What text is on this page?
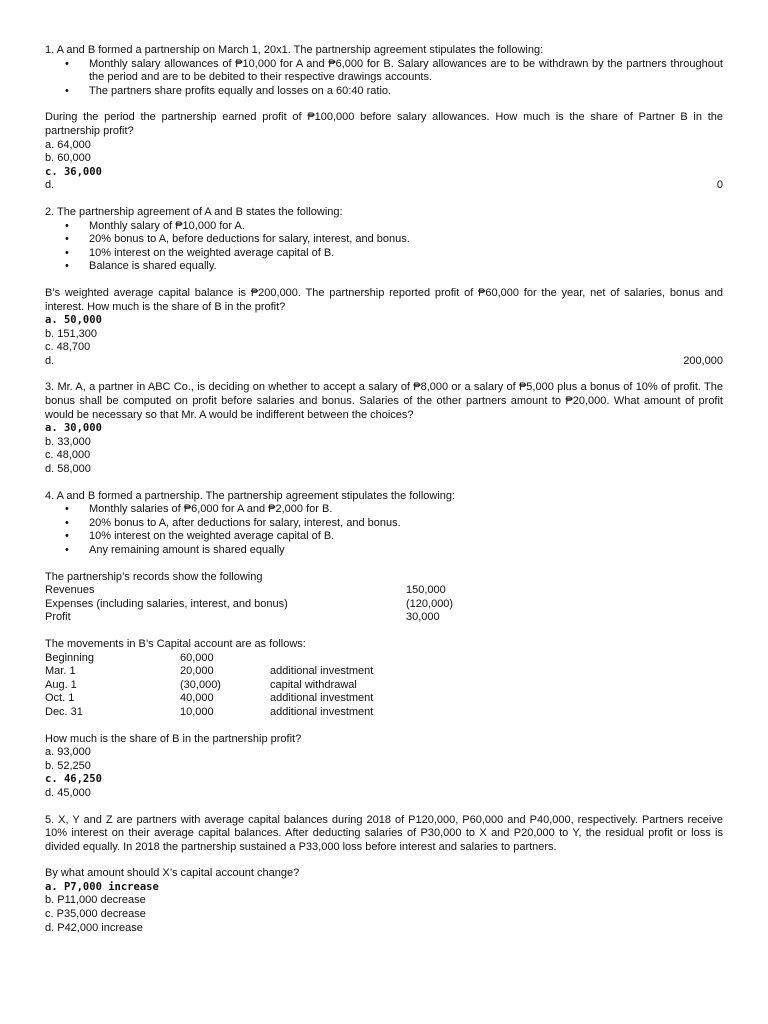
1. A and B formed a partnership on March 1, 20x1. The partnership agreement stipulates the following:

• Monthly salary allowances of ₱10,000 for A and ₱6,000 for B. Salary allowances are to be withdrawn by the partners throughout the period and are to be debited to their respective drawings accounts.
• The partners share profits equally and losses on a 60:40 ratio.

During the period the partnership earned profit of ₱100,000 before salary allowances. How much is the share of Partner B in the partnership profit?

a. 64,000

b. 60,000

c. 36,000

d.	0

2. The partnership agreement of A and B states the following:

• Monthly salary of ₱10,000 for A.
• 20% bonus to A, before deductions for salary, interest, and bonus.
• 10% interest on the weighted average capital of B.
• Balance is shared equally.

B’s weighted average capital balance is ₱200,000. The partnership reported profit of ₱60,000 for the year, net of salaries, bonus and interest. How much is the share of B in the profit?

a. 50,000

b. 151,300

c. 48,700

d.	200,000

3. Mr. A, a partner in ABC Co., is deciding on whether to accept a salary of ₱8,000 or a salary of ₱5,000 plus a bonus of 10% of profit. The bonus shall be computed on profit before salaries and bonus. Salaries of the other partners amount to ₱20,000. What amount of profit would be necessary so that Mr. A would be indifferent between the choices?

a. 30,000

b. 33,000

c. 48,000

d. 58,000

4. A and B formed a partnership. The partnership agreement stipulates the following:

• Monthly salaries of ₱6,000 for A and ₱2,000 for B.
• 20% bonus to A, after deductions for salary, interest, and bonus.
• 10% interest on the weighted average capital of B.
• Any remaining amount is shared equally

The partnership’s records show the following

Revenues	150,000
Expenses (including salaries, interest, and bonus)	(120,000)
Profit	30,000

The movements in B’s Capital account are as follows:

Beginning	60,000
Mar. 1	20,000	additional investment
Aug. 1	(30,000)	capital withdrawal
Oct. 1	40,000	additional investment
Dec. 31	10,000	additional investment

How much is the share of B in the partnership profit?

a. 93,000

b. 52,250

c. 46,250

d. 45,000

5. X, Y and Z are partners with average capital balances during 2018 of P120,000, P60,000 and P40,000, respectively. Partners receive 10% interest on their average capital balances. After deducting salaries of P30,000 to X and P20,000 to Y, the residual profit or loss is divided equally. In 2018 the partnership sustained a P33,000 loss before interest and salaries to partners.

By what amount should X’s capital account change?

a. P7,000 increase

b. P11,000 decrease

c. P35,000 decrease

d. P42,000 increase
